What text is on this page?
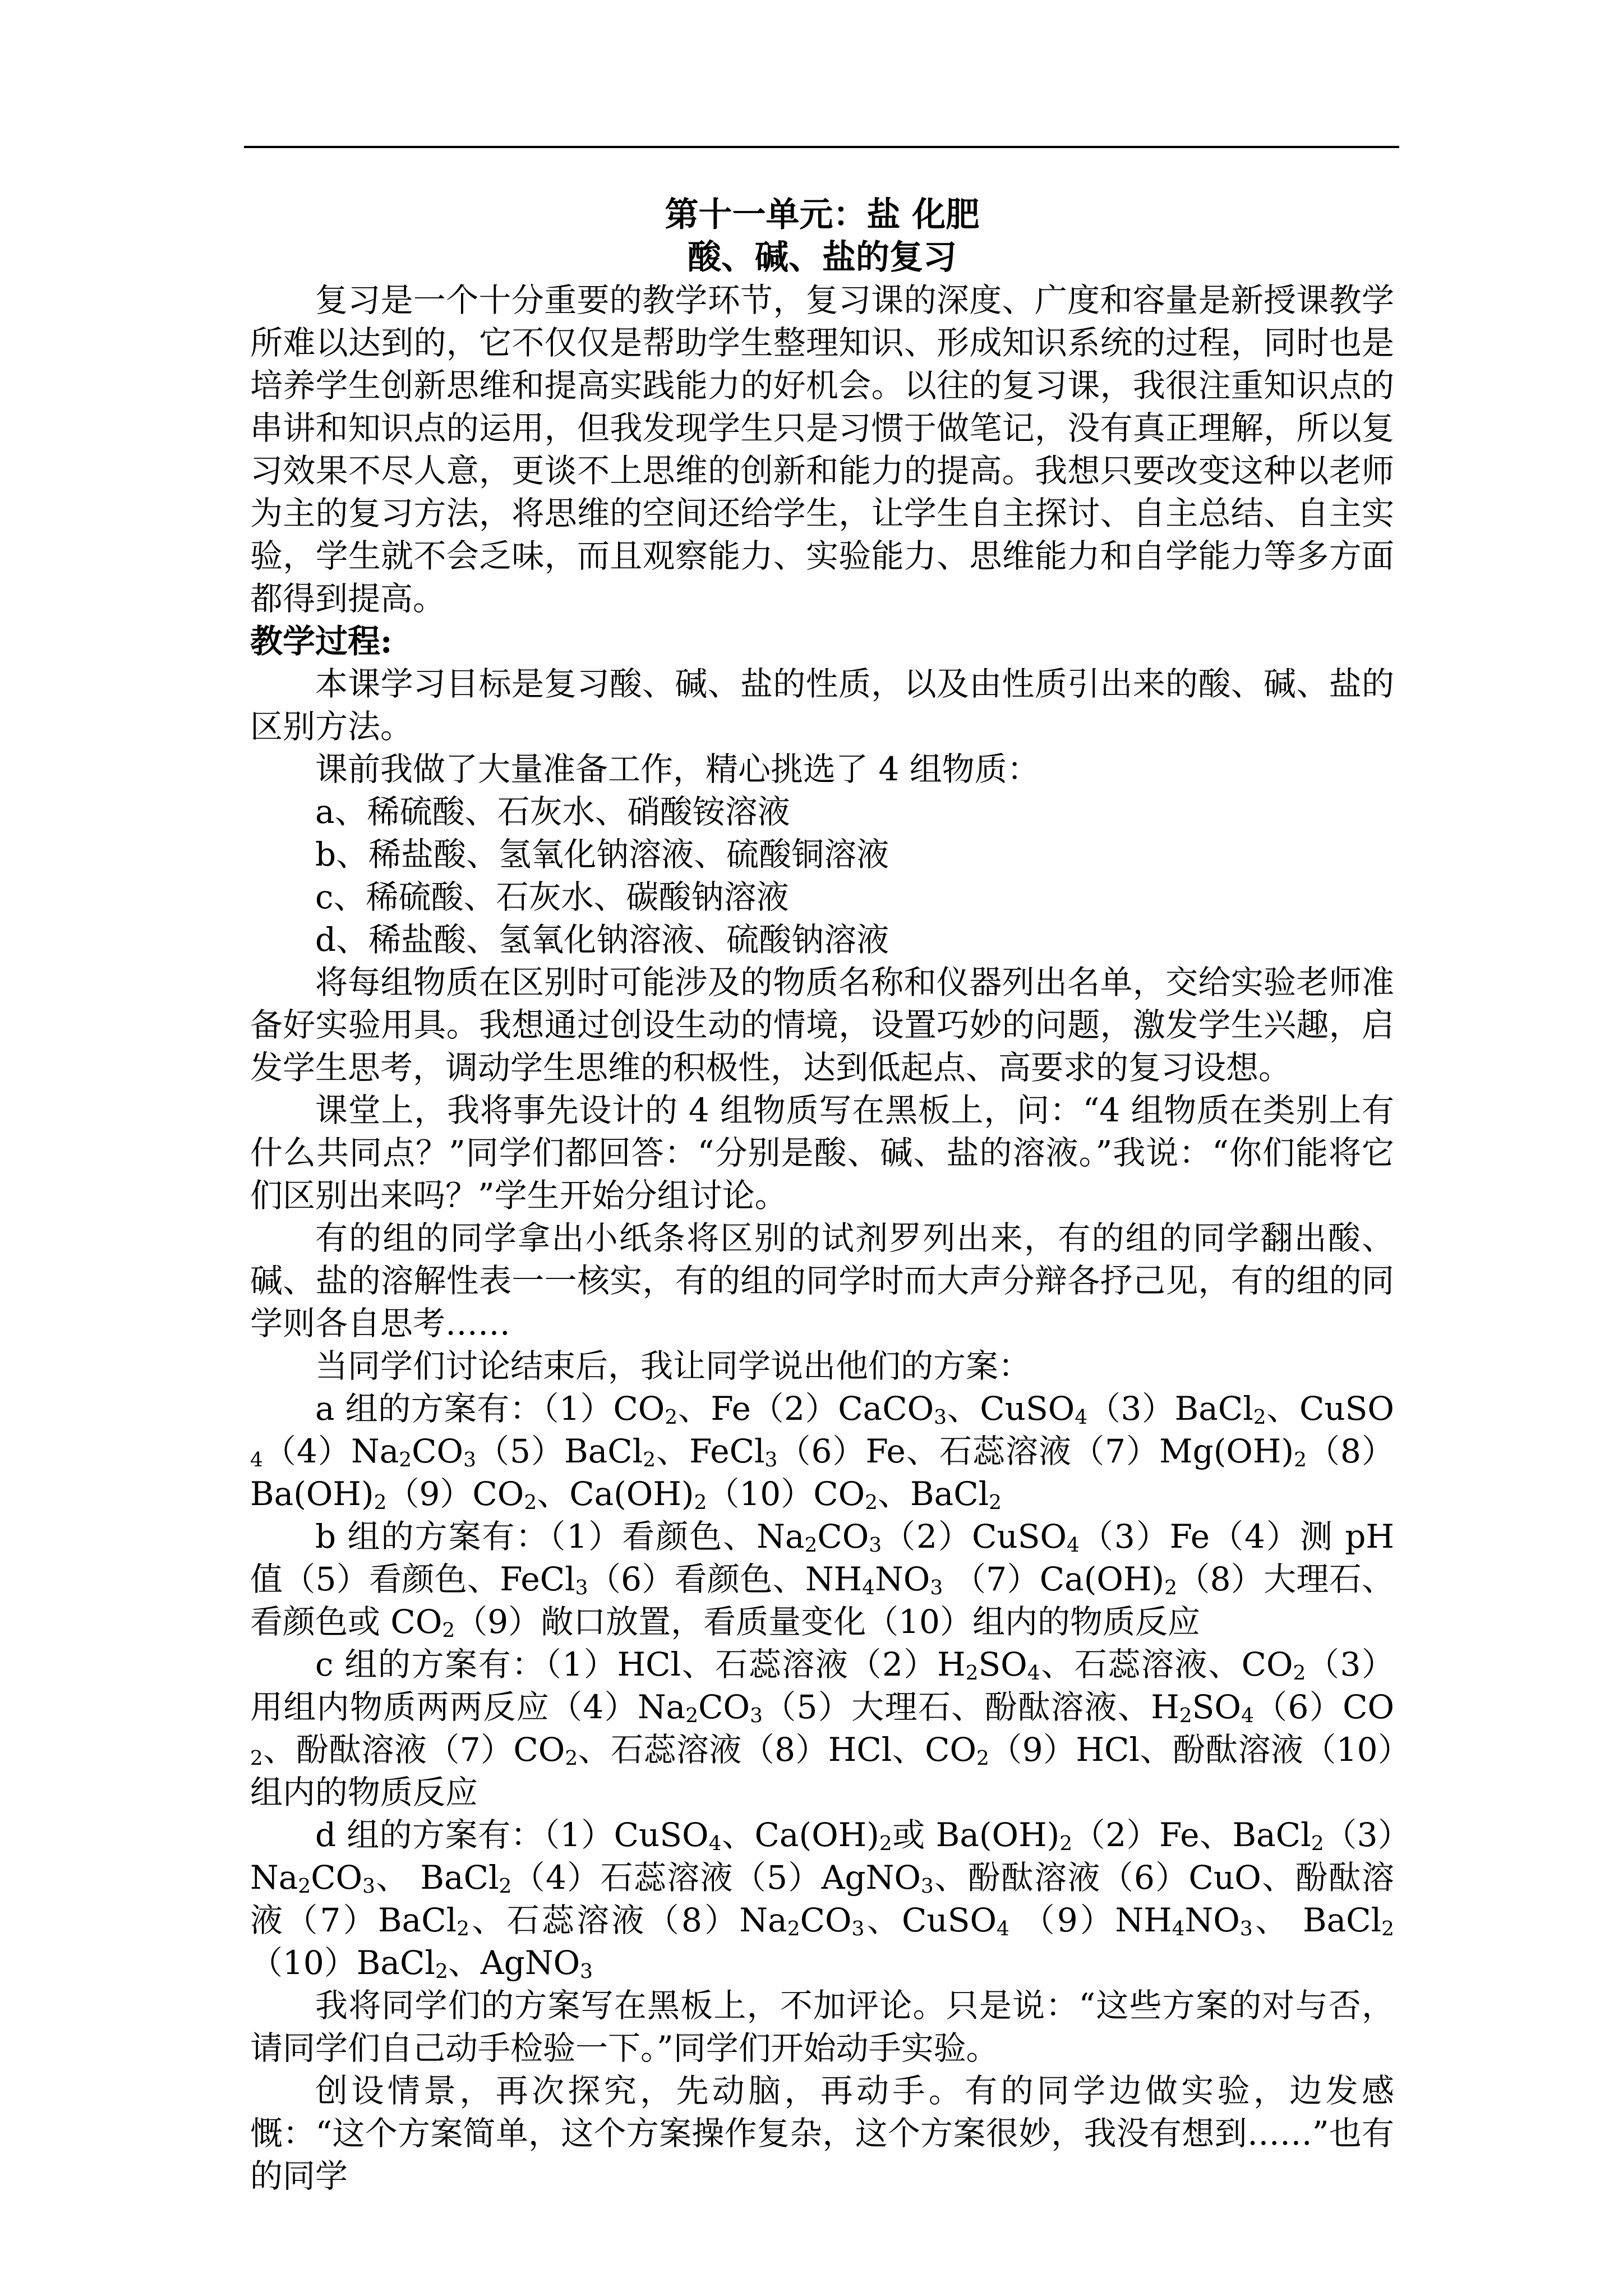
第十一单元：盐 化肥
酸、碱、盐的复习

复习是一个十分重要的教学环节，复习课的深度、广度和容量是新授课教学所难以达到的，它不仅仅是帮助学生整理知识、形成知识系统的过程，同时也是培养学生创新思维和提高实践能力的好机会。以往的复习课，我很注重知识点的串讲和知识点的运用，但我发现学生只是习惯于做笔记，没有真正理解，所以复习效果不尽人意，更谈不上思维的创新和能力的提高。我想只要改变这种以老师为主的复习方法，将思维的空间还给学生，让学生自主探讨、自主总结、自主实验，学生就不会乏味，而且观察能力、实验能力、思维能力和自学能力等多方面都得到提高。

教学过程:

本课学习目标是复习酸、碱、盐的性质，以及由性质引出来的酸、碱、盐的区别方法。

课前我做了大量准备工作，精心挑选了 4 组物质：

a、稀硫酸、石灰水、硝酸铵溶液

b、稀盐酸、氢氧化钠溶液、硫酸铜溶液

c、稀硫酸、石灰水、碳酸钠溶液

d、稀盐酸、氢氧化钠溶液、硫酸钠溶液

将每组物质在区别时可能涉及的物质名称和仪器列出名单，交给实验老师准备好实验用具。我想通过创设生动的情境，设置巧妙的问题，激发学生兴趣，启发学生思考，调动学生思维的积极性，达到低起点、高要求的复习设想。

课堂上，我将事先设计的 4 组物质写在黑板上，问：“4 组物质在类别上有什么共同点？”同学们都回答：“分别是酸、碱、盐的溶液。”我说：“你们能将它们区别出来吗？”学生开始分组讨论。

有的组的同学拿出小纸条将区别的试剂罗列出来，有的组的同学翻出酸、碱、盐的溶解性表一一核实，有的组的同学时而大声分辩各抒己见，有的组的同学则各自思考……

当同学们讨论结束后，我让同学说出他们的方案：

a 组的方案有：$(1)CO_2$、Fe（2）CaCO$_3$、CuSO$_4$（3）BaCl$_2$、$CuSO_4(4)Na_2CO_3(5)BaCl_2$、FeCl$_3$（6）Fe、石蕊溶液$(7)Mg(OH)_2(8)Ba(OH)_2(9)CO_2$、$Ca(OH)_2(10)CO_2$、BaCl$_2$

b 组的方案有：（1）看颜色、$Na_2CO_3(2)CuSO_4(3)Fe(4)$测 pH 值（5）看颜色、FeCl$_3$（6）看颜色、$NH_4NO_3$ $(7)Ca(OH)_2(8)$大理石、看颜色或 $CO_2(9)$敞口放置，看质量变化（10）组内的物质反应

c 组的方案有：（1）HCl、石蕊溶液$(2)H_2SO_4$、石蕊溶液、$CO_2(3)$用组内物质两两反应$(4)Na_2CO_3(5)$大理石、酚酞溶液、$H_2SO_4(6)CO_2$、酚酞溶液$(7)CO_2$、石蕊溶液（8）HCl、$CO_2(9)HCl$、酚酞溶液（10）组内的物质反应

d 组的方案有：（1）CuSO$_4$、$Ca(OH)_2$或 $Ba(OH)_2(2)Fe$、$BaCl_2(3)Na_2CO_3$、 BaCl$_2$（4）石蕊溶液（5）AgNO$_3$、酚酞溶液（6）CuO、酚酞溶液（7）BaCl$_2$、石蕊溶液$(8)Na_2CO_3$、CuSO$_4$ $(9)NH_4NO_3$、 BaCl$_2$（10）BaCl$_2$、AgNO$_3$

我将同学们的方案写在黑板上，不加评论。只是说：“这些方案的对与否，请同学们自己动手检验一下。”同学们开始动手实验。

创设情景，再次探究，先动脑，再动手。有的同学边做实验，边发感慨：“这个方案简单，这个方案操作复杂，这个方案很妙，我没有想到……”也有的同学
